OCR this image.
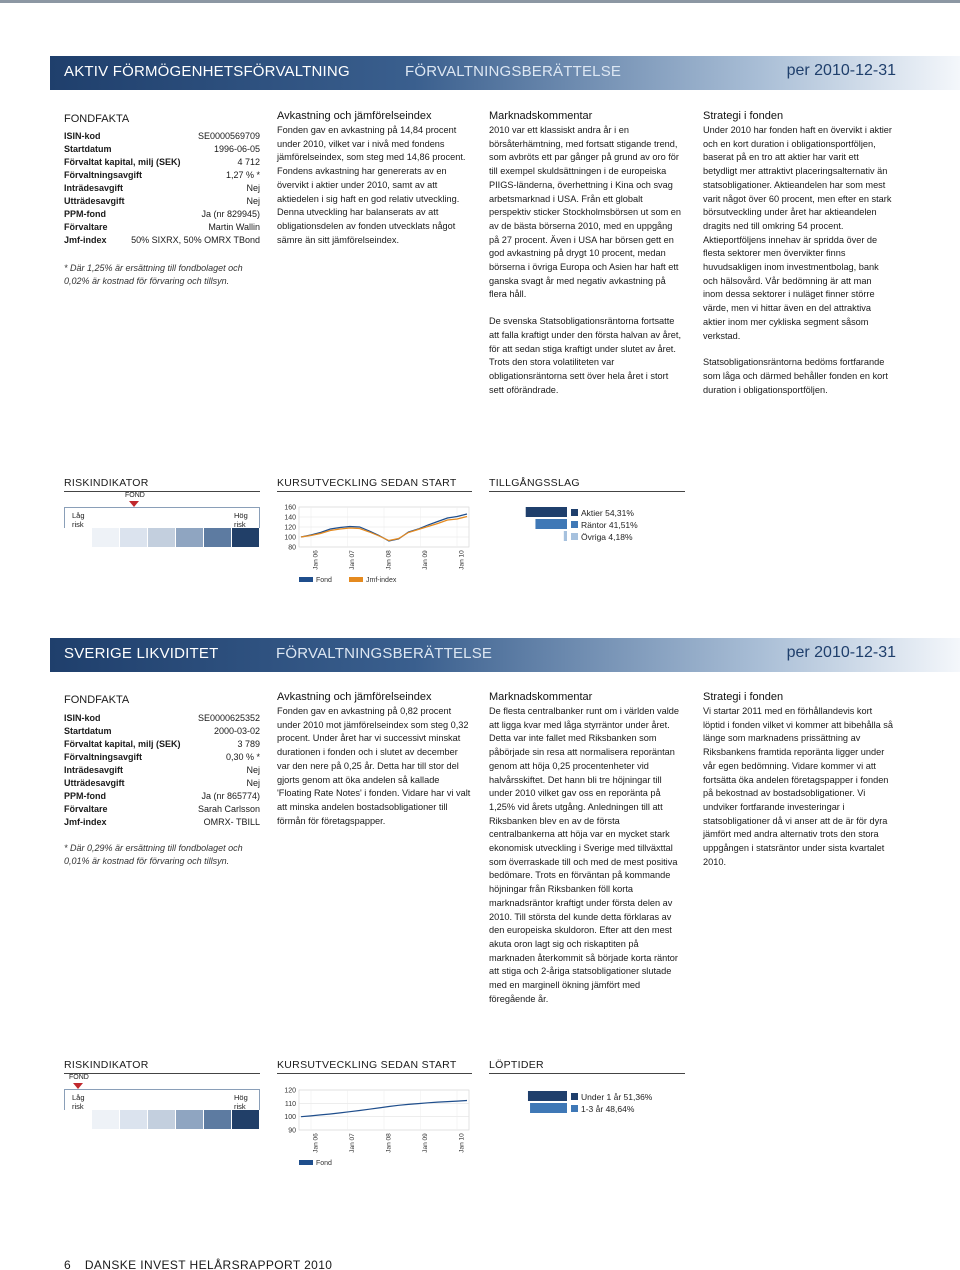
AKTIV FÖRMÖGENHETSFÖRVALTNING	FÖRVALTNINGSBERÄTTELSE	per 2010-12-31
FONDFAKTA
ISIN-kod	SE0000569709
Startdatum	1996-06-05
Förvaltat kapital, milj (SEK)	4 712
Förvaltningsavgift	1,27 % *
Inträdesavgift	Nej
Utträdesavgift	Nej
PPM-fond	Ja (nr 829945)
Förvaltare	Martin Wallin
Jmf-index	50% SIXRX, 50% OMRX TBond
* Där 1,25% är ersättning till fondbolaget och 0,02% är kostnad för förvaring och tillsyn.
Avkastning och jämförelseindex

Fonden gav en avkastning på 14,84 procent under 2010, vilket var i nivå med fondens jämförelseindex, som steg med 14,86 procent. Fondens avkastning har genererats av en övervikt i aktier under 2010, samt av att aktiedelen i sig haft en god relativ utveckling. Denna utveckling har balanserats av att obligationsdelen av fonden utvecklats något sämre än sitt jämförelseindex.

Marknadskommentar

2010 var ett klassiskt andra år i en börsåterhämtning, med fortsatt stigande trend, som avbröts ett par gånger på grund av oro för till exempel skuldsättningen i de europeiska PIIGS-länderna, överhettning i Kina och svag arbetsmarknad i USA. Från ett globalt perspektiv sticker Stockholmsbörsen ut som en av de bästa börserna 2010, med en uppgång på 27 procent. Även i USA har börsen gett en god avkastning på drygt 10 procent, medan börserna i övriga Europa och Asien har haft ett ganska svagt år med negativ avkastning på flera håll.

De svenska Statsobligationsräntorna fortsatte att falla kraftigt under den första halvan av året, för att sedan stiga kraftigt under slutet av året. Trots den stora volatiliteten var obligationsräntorna sett över hela året i stort sett oförändrade.

Strategi i fonden

Under 2010 har fonden haft en övervikt i aktier och en kort duration i obligationsportföljen, baserat på en tro att aktier har varit ett betydligt mer attraktivt placeringsalternativ än statsobligationer. Aktieandelen har som mest varit något över 60 procent, men efter en stark börsutveckling under året har aktieandelen dragits ned till omkring 54 procent. Aktieportföljens innehav är spridda över de flesta sektorer men övervikter finns huvudsakligen inom investmentbolag, bank och hälsovård. Vår bedömning är att man inom dessa sektorer i nuläget finner större värde, men vi hittar även en del attraktiva aktier inom mer cykliska segment såsom verkstad.

Statsobligationsräntorna bedöms fortfarande som låga och därmed behåller fonden en kort duration i obligationsportföljen.

RISKINDIKATOR	KURSUTVECKLING SEDAN START	TILLGÅNGSSLAG
Låg risk
Hög risk
FOND
80
100
120
140
160
Jan 06	Jan 07	Jan 08	Jan 09	Jan 10
Fond	Jmf-index
Aktier 54,31%
Räntor 41,51%
Övriga 4,18%
SVERIGE LIKVIDITET	FÖRVALTNINGSBERÄTTELSE	per 2010-12-31
FONDFAKTA
ISIN-kod	SE0000625352
Startdatum	2000-03-02
Förvaltat kapital, milj (SEK)	3 789
Förvaltningsavgift	0,30 % *
Inträdesavgift	Nej
Utträdesavgift	Nej
PPM-fond	Ja (nr 865774)
Förvaltare	Sarah Carlsson
Jmf-index	OMRX- TBILL
* Där 0,29% är ersättning till fondbolaget och 0,01% är kostnad för förvaring och tillsyn.
Avkastning och jämförelseindex

Fonden gav en avkastning på 0,82 procent under 2010 mot jämförelseindex som steg 0,32 procent. Under året har vi successivt minskat durationen i fonden och i slutet av december var den nere på 0,25 år. Detta har till stor del gjorts genom att öka andelen så kallade 'Floating Rate Notes' i fonden. Vidare har vi valt att minska andelen bostadsobligationer till förmån för företagspapper.

Marknadskommentar

De flesta centralbanker runt om i världen valde att ligga kvar med låga styrräntor under året. Detta var inte fallet med Riksbanken som påbörjade sin resa att normalisera reporäntan genom att höja 0,25 procentenheter vid halvårsskiftet. Det hann bli tre höjningar till under 2010 vilket gav oss en reporänta på 1,25% vid årets utgång. Anledningen till att Riksbanken blev en av de första centralbankerna att höja var en mycket stark ekonomisk utveckling i Sverige med tillväxttal som överraskade till och med de mest positiva bedömare. Trots en förväntan på kommande höjningar från Riksbanken föll korta marknadsräntor kraftigt under första delen av 2010. Till största del kunde detta förklaras av den europeiska skuldoron. Efter att den mest akuta oron lagt sig och riskaptiten på marknaden återkommit så började korta räntor att stiga och 2-åriga statsobligationer slutade med en marginell ökning jämfört med föregående år.

Strategi i fonden

Vi startar 2011 med en förhållandevis kort löptid i fonden vilket vi kommer att bibehålla så länge som marknadens prissättning av Riksbankens framtida reporänta ligger under vår egen bedömning. Vidare kommer vi att fortsätta öka andelen företagspapper i fonden på bekostnad av bostadsobligationer. Vi undviker fortfarande investeringar i statsobligationer då vi anser att de är för dyra jämfört med andra alternativ trots den stora uppgången i statsräntor under sista kvartalet 2010.

RISKINDIKATOR	KURSUTVECKLING SEDAN START	LÖPTIDER
Låg risk
Hög risk
FOND
90
100
110
120
Jan 06	Jan 07	Jan 08	Jan 09	Jan 10
Fond
Under 1 år 51,36%
1-3 år 48,64%
6 DANSKE INVEST HELÅRSRAPPORT 2010
